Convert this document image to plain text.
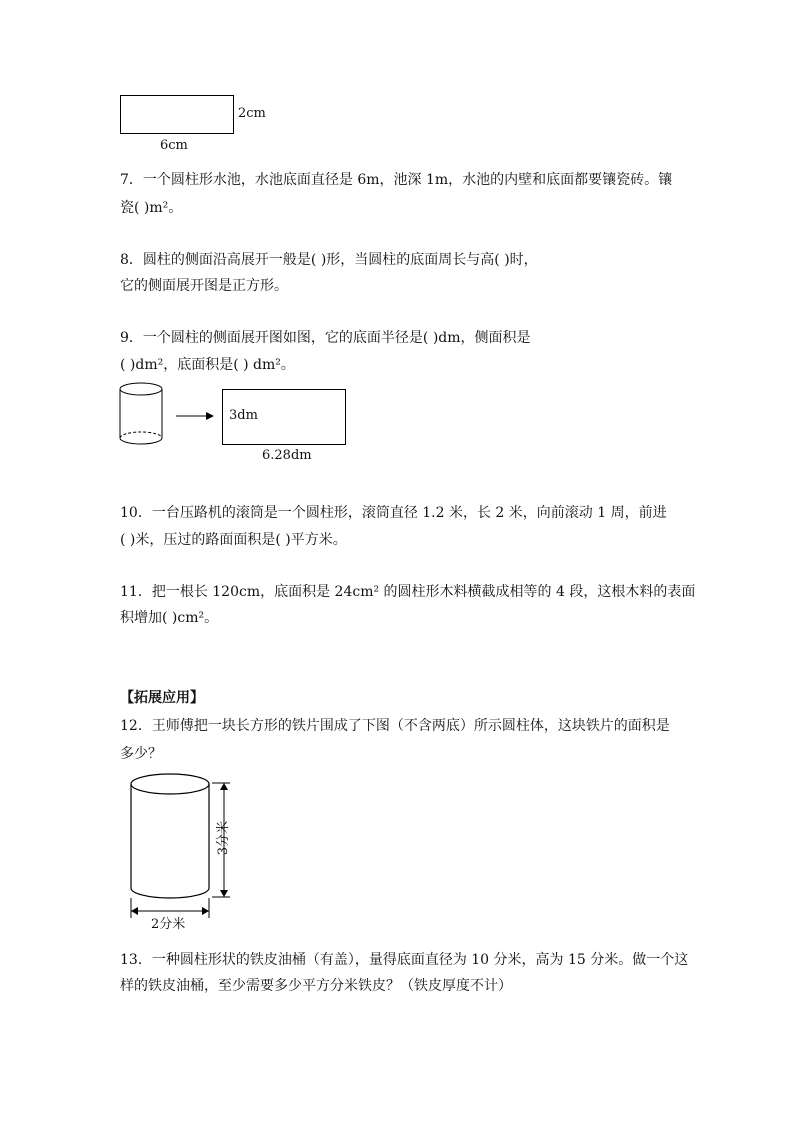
2cm
6cm
7．一个圆柱形水池，水池底面直径是 6m，池深 1m，水池的内壁和底面都要镶瓷砖。镶
瓷( )m²。
8．圆柱的侧面沿高展开一般是( )形，当圆柱的底面周长与高( )时，
它的侧面展开图是正方形。
9．一个圆柱的侧面展开图如图，它的底面半径是( )dm，侧面积是
( )dm²，底面积是( ) dm²。
3dm
6.28dm
10．一台压路机的滚筒是一个圆柱形，滚筒直径 1.2 米，长 2 米，向前滚动 1 周，前进
( )米，压过的路面面积是( )平方米。
11．把一根长 120cm，底面积是 24cm² 的圆柱形木料横截成相等的 4 段，这根木料的表面
积增加( )cm²。
【拓展应用】
12．王师傅把一块长方形的铁片围成了下图（不含两底）所示圆柱体，这块铁片的面积是
多少？
3分米
2分米
13．一种圆柱形状的铁皮油桶（有盖），量得底面直径为 10 分米，高为 15 分米。做一个这
样的铁皮油桶，至少需要多少平方分米铁皮？（铁皮厚度不计）
